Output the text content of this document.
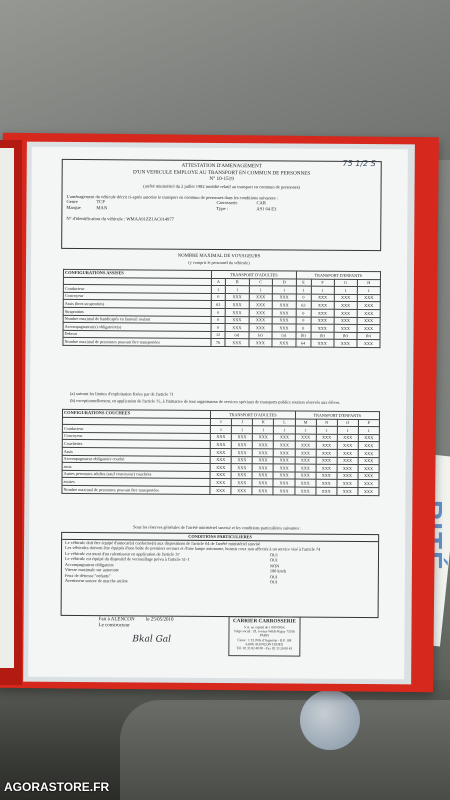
75 1/2 S
ATTESTATION D'AMENAGEMENT
D'UN VEHICULE EMPLOYE AU TRANSPORT EN COMMUN DE PERSONNES
N° 10-1519
(arrêté ministériel du 2 juillet 1982 modifié relatif au transport en commun de personnes)
L'aménagement du véhicule décrit ci-après autorise le transport en commun de personnes dans les conditions suivantes :
Genre	TCP	Carrosserie	CAR
Marque	MAN	Type :	A91 64 E3
N° d'identification du véhicule : WMAA91ZZ1AC014977
NOMBRE MAXIMAL DE VOYAGEURS
(y compris le personnel du véhicule)
CONFIGURATIONS ASSISES	TRANSPORT D'ADULTES				TRANSPORT D'ENFANTS			
	A	B	C	D	E	F	G	H
Conducteur	1	1	1	1	1	1	1	1
Convoyeur	0	XXX	XXX	XXX	0	XXX	XXX	XXX
Assis (hors strapontins)	63	XXX	XXX	XXX	63	XXX	XXX	XXX
Strapontins	0	XXX	XXX	XXX	0	XXX	XXX	XXX
Nombre maximal de handicapés en fauteuil roulant	0	XXX	XXX	XXX	0	XXX	XXX	XXX
Accompagnateur(s) obligatoire(s)	0	XXX	XXX	XXX	0	XXX	XXX	XXX
Debout	12	(a)	(a)	(a)	(b)	(b)	(b)	(b)
Nombre maximal de personnes pouvant être transportées	76	XXX	XXX	XXX	64	XXX	XXX	XXX
(a) suivant les limites d'exploitation fixées par de l'article 71
(b) exceptionnellement, en application de l'article 75, à l'initiative de tout organisateur de services spéciaux de transports publics routiers réservés aux élèves.
CONFIGURATIONS COUCHEES	TRANSPORT D'ADULTES				TRANSPORT D'ENFANTS			
	I	J	K	L	M	N	O	P
Conducteur	1	1	1	1	1	1	1	1
Convoyeur	XXX	XXX	XXX	XXX	XXX	XXX	XXX	XXX
Couchettes	XXX	XXX	XXX	XXX	XXX	XXX	XXX	XXX
Assis	XXX	XXX	XXX	XXX	XXX	XXX	XXX	XXX
Accompagnateur obligatoire couché	XXX	XXX	XXX	XXX	XXX	XXX	XXX	XXX
assis	XXX	XXX	XXX	XXX	XXX	XXX	XXX	XXX
Autres personnes adultes (sauf convoyeur) couchées	XXX	XXX	XXX	XXX	XXX	XXX	XXX	XXX
assises	XXX	XXX	XXX	XXX	XXX	XXX	XXX	XXX
Nombre maximal de personnes pouvant être transportées	XXX	XXX	XXX	XXX	XXX	XXX	XXX	XXX
Sous les réserves générales de l'arrêté ministériel susvisé et les conditions particulières suivantes :
CONDITIONS PARTICULIERES
Le véhicule doit être équipé d'autocar(s) conforme(s) aux dispositions de l'article 64 de l'arrêté ministériel susvisé
Les véhicules doivent être équipés d'une boîte de premiers secours et d'une lampe autonome, hormis ceux non affectés à un service visé à l'article 74
Le véhicule est muni d'un ralentisseur en application de l'article 37	OUI
Le véhicule est équipé du dispositif de verrouillage prévu à l'article 51-1	OUI
Accompagnateur obligatoire	NON
Vitesse maximale sur autoroute	100 km/h
Feux de détresse "enfants"	OUI
Avertisseur sonore de marche arrière	OUI
Fait à ALENCON le 25/05/2010
Le constructeur
Bkal Gal
CARRIER CARROSSERIE
S.A. au capital de 1 000 000 €
Siège social : ZI, avenue Wilde Rigny 75016 PARIS
Usine : 1 ZI, Pôle d'Argentan - B.P. 108
61005 ALENÇON CEDEX
Tél. 02 33 82 40 00 - Fax 02 33 29 00 42
AGORASTORE.FR
